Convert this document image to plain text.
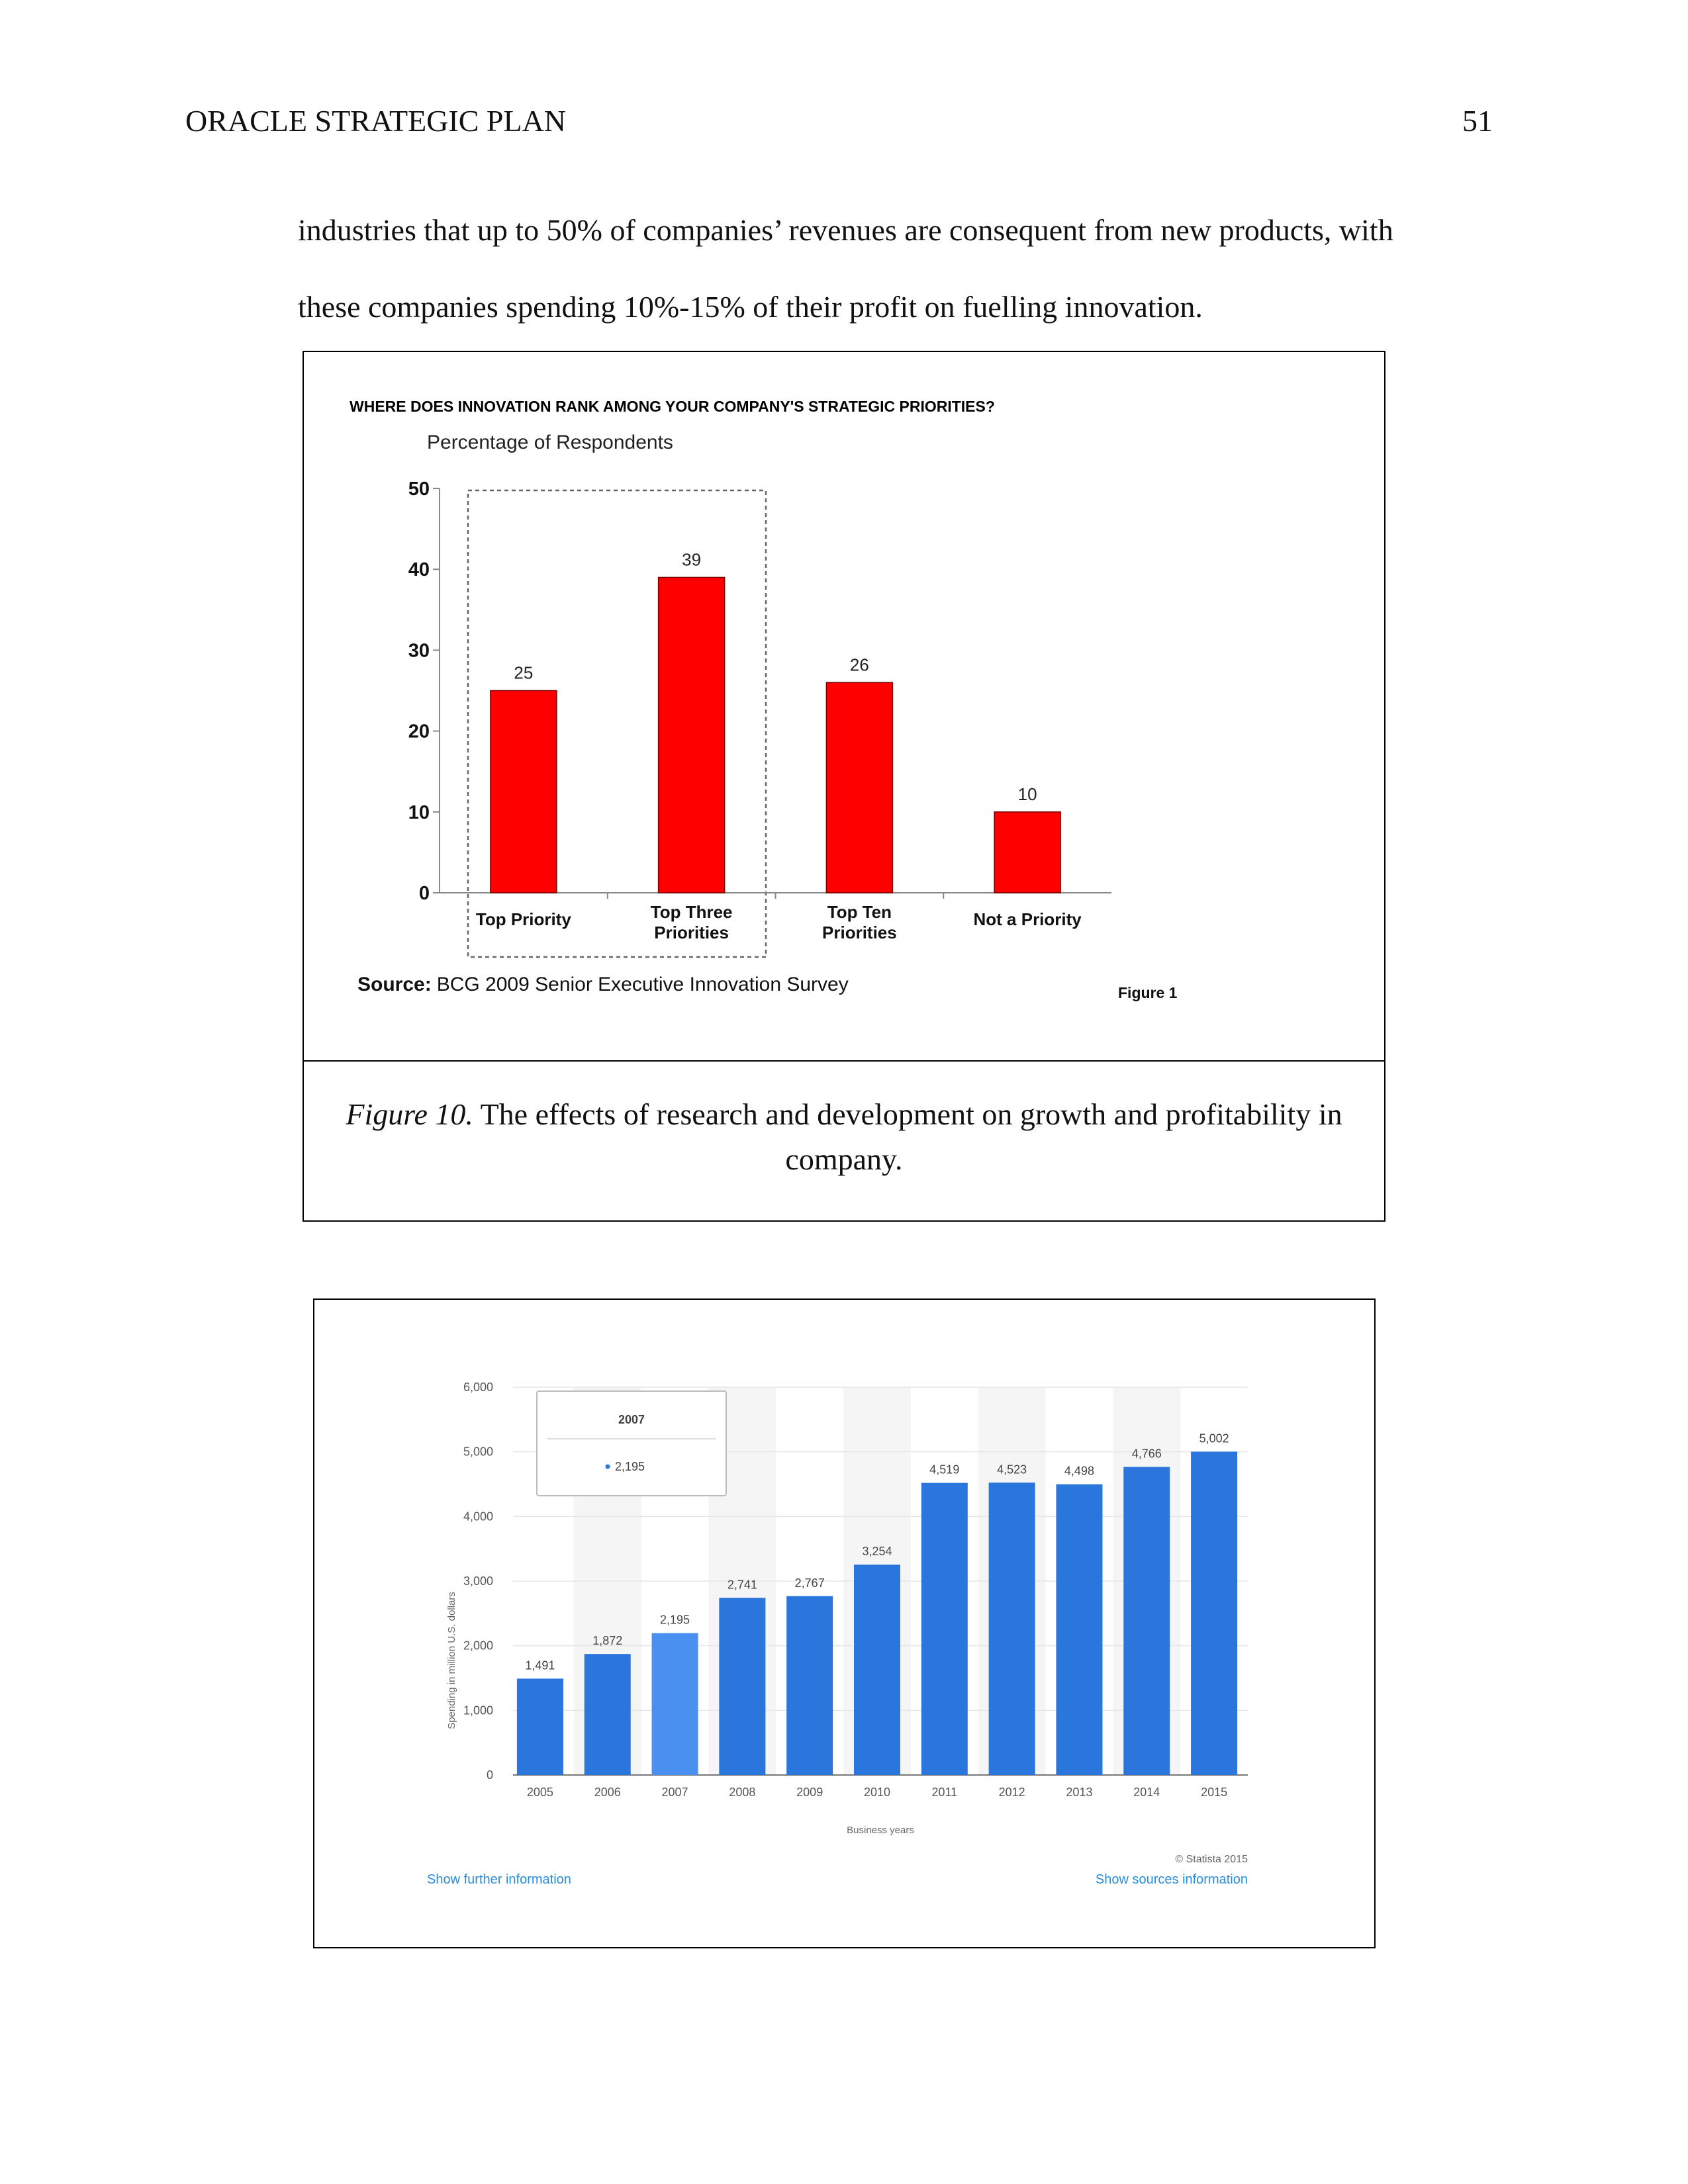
ORACLE STRATEGIC PLAN	51

industries that up to 50% of companies’ revenues are consequent from new products, with

these companies spending 10%-15% of their profit on fuelling innovation.

WHERE DOES INNOVATION RANK AMONG YOUR COMPANY'S STRATEGIC PRIORITIES?
Percentage of Respondents
0
10
20
30
40
50
25
Top Priority
39
Top Three Priorities
26
Top Ten Priorities
10
Not a Priority
Source: BCG 2009 Senior Executive Innovation Survey	Figure 1
Figure 10. The effects of research and development on growth and profitability in company.
0
1,000
2,000
3,000
4,000
5,000
6,000
1,491
2005
1,872
2006
2,195
2007
2,741
2008
2,767
2009
3,254
2010
4,519
2011
4,523
2012
4,498
2013
4,766
2014
5,002
2015
Business years
Spending in million U.S. dollars
2007
2,195
© Statista 2015
Show further information	Show sources information
